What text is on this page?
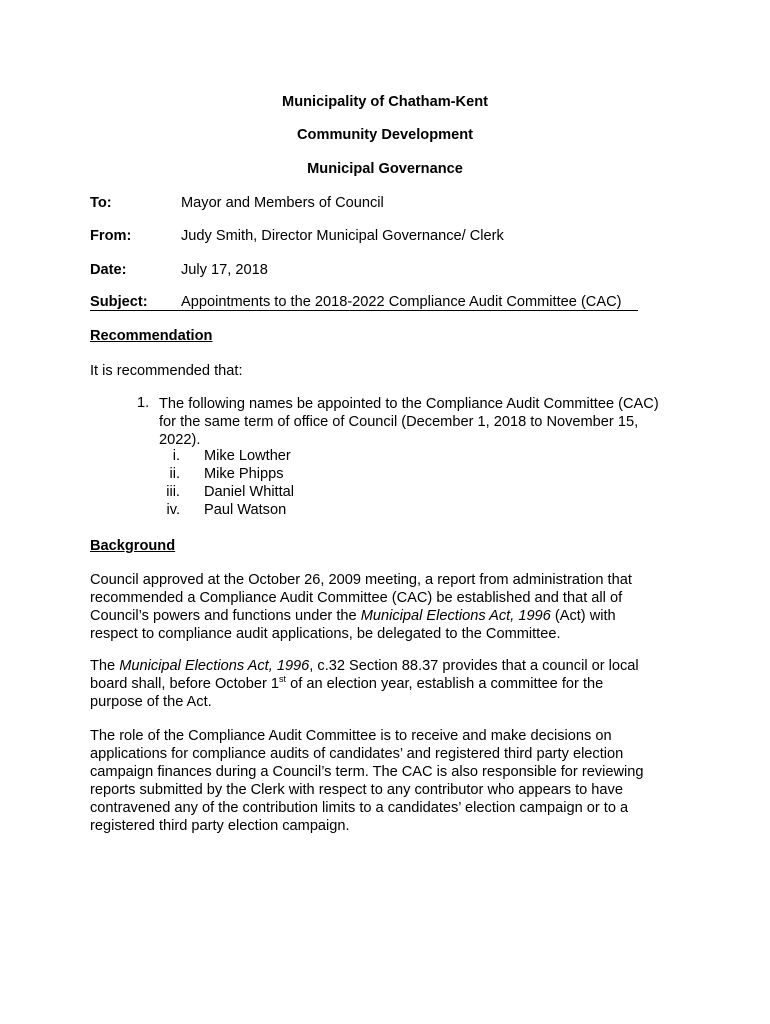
Municipality of Chatham-Kent
Community Development
Municipal Governance
To:	Mayor and Members of Council
From:	Judy Smith, Director Municipal Governance/ Clerk
Date:	July 17, 2018
Subject: Appointments to the 2018-2022 Compliance Audit Committee (CAC)
Recommendation
It is recommended that:
1. The following names be appointed to the Compliance Audit Committee (CAC)
for the same term of office of Council (December 1, 2018 to November 15,
2022).
i. Mike Lowther
ii. Mike Phipps
iii. Daniel Whittal
iv. Paul Watson
Background
Council approved at the October 26, 2009 meeting, a report from administration that
recommended a Compliance Audit Committee (CAC) be established and that all of
Council’s powers and functions under the Municipal Elections Act, 1996 (Act) with
respect to compliance audit applications, be delegated to the Committee.
The Municipal Elections Act, 1996, c.32 Section 88.37 provides that a council or local
board shall, before October 1st of an election year, establish a committee for the
purpose of the Act.
The role of the Compliance Audit Committee is to receive and make decisions on
applications for compliance audits of candidates’ and registered third party election
campaign finances during a Council’s term. The CAC is also responsible for reviewing
reports submitted by the Clerk with respect to any contributor who appears to have
contravened any of the contribution limits to a candidates’ election campaign or to a
registered third party election campaign.
